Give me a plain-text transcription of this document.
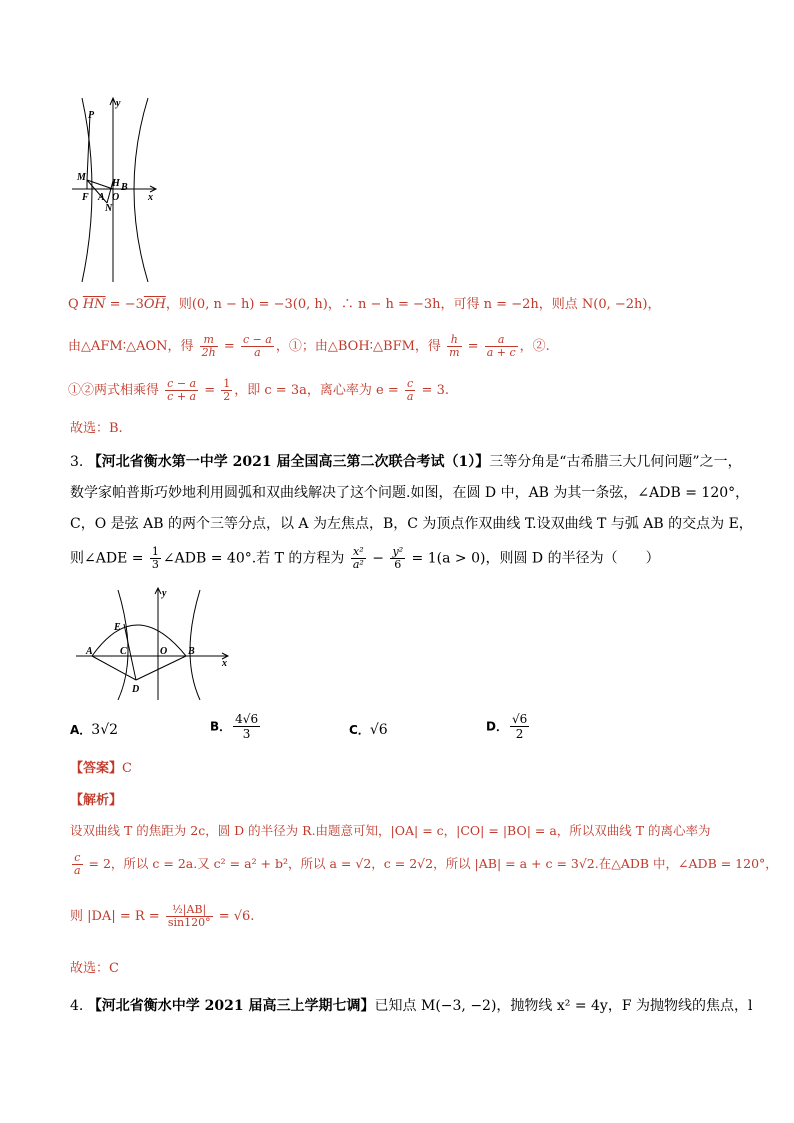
P
y
M
H B
F A O
N
x
Q $\overline{HN} = -3\overline{OH}$，则(0, n − h) = −3(0, h)，∴ n − h = −3h，可得 n = −2h，则点 N(0, −2h)，
由△AFM∶△AON，得 $\frac{m}{2h} = \frac{c - a}{a}$ ，①；由△BOH∶△BFM，得 $\frac{h}{m} = \frac{a}{a + c}$ ，②.
①②两式相乘得 $\frac{c - a}{c + a} = \frac{1}{2}$ ，即 c = 3a，离心率为 $e = \frac{c}{a} = 3$.
故选：B.
3. 【河北省衡水第一中学 2021 届全国高三第二次联合考试（1）】三等分角是“古希腊三大几何问题”之一，
数学家帕普斯巧妙地利用圆弧和双曲线解决了这个问题.如图，在圆 D 中，AB 为其一条弦，∠ADB = 120°，
C，O 是弦 AB 的两个三等分点，以 A 为左焦点，B，C 为顶点作双曲线 T.设双曲线 T 与弧 AB 的交点为 E，
则∠ADE = $\frac{1}{3}$ ∠ADB = 40°.若 T 的方程为 $\frac{\text{x²}}{\text{a²}} - \frac{\text{y²}}{6} = 1(a > 0)$，则圆 D 的半径为（　　）
y
E
A	C	O B
x
D
A．3√2	B． $\frac{4√6}{3}$	C．√6	D． $\frac{√6}{2}$
【答案】C
【解析】
设双曲线 T 的焦距为 2c，圆 D 的半径为 R.由题意可知，|OA| = c，|CO| = |BO| = a，所以双曲线 T 的离心率为
$\frac{c}{a} = 2$，所以 c = 2a.又 c² = a² + b²，所以 a = √2，c = 2√2，所以 |AB| = a + c = 3√2.在△ADB 中，∠ADB = 120°，
则 $|DA| = R = \frac{\text{½|AB|}}{\sin 120^\circ} = √6$.
故选：C
4. 【河北省衡水中学 2021 届高三上学期七调】已知点 M(−3, −2)，抛物线 x² = 4y，F 为抛物线的焦点，l
